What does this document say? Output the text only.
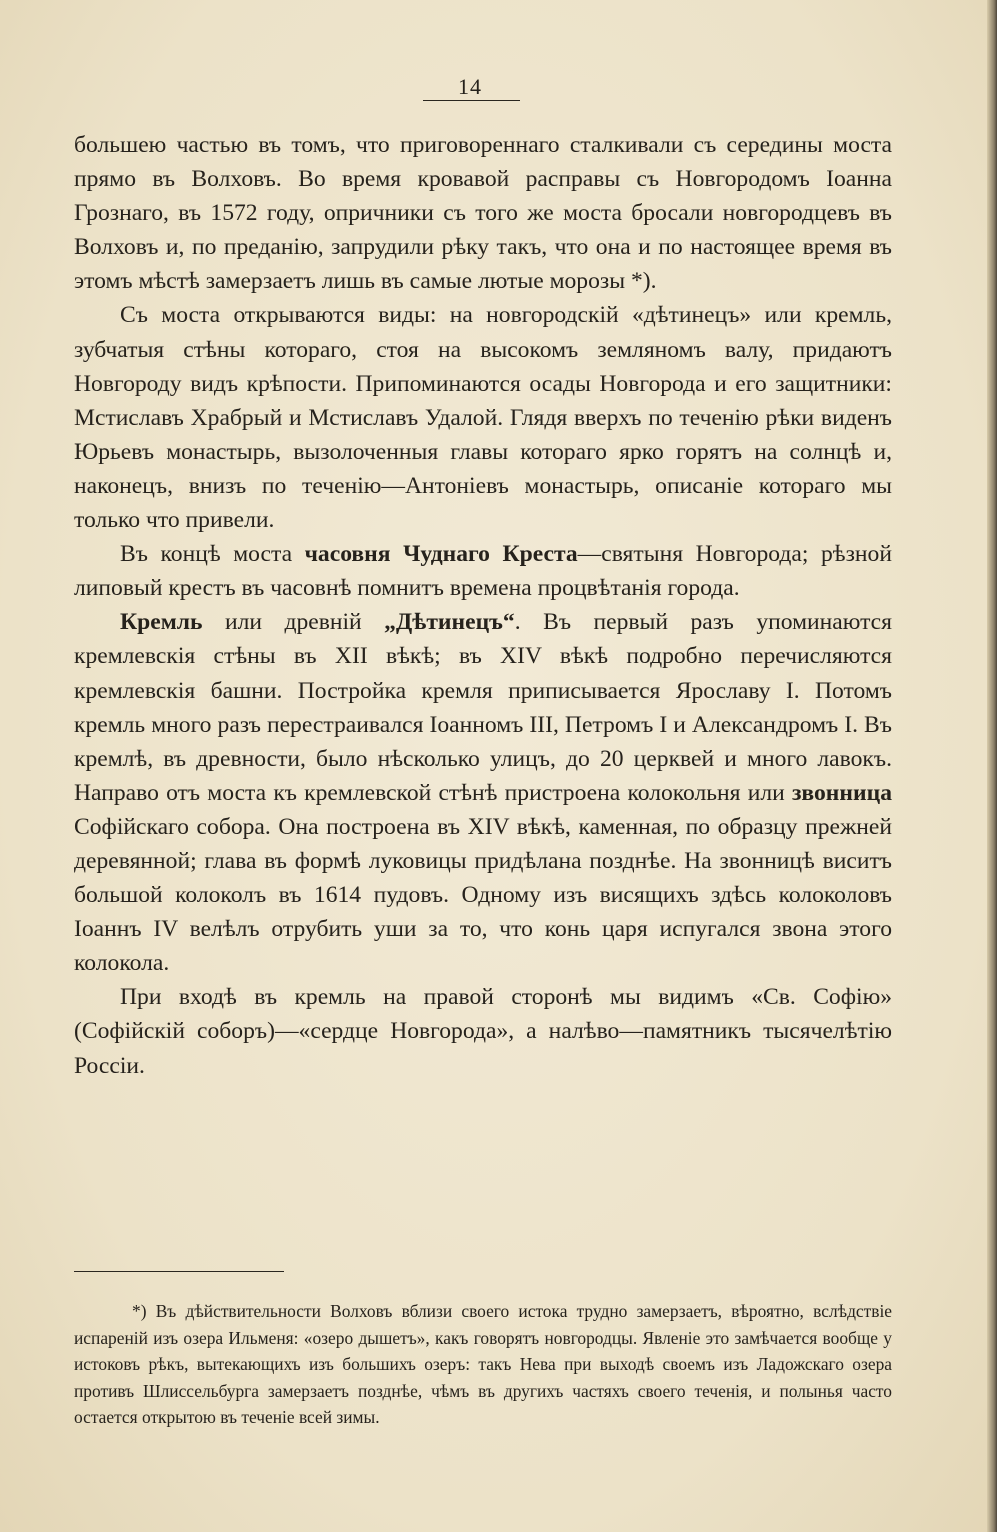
14

большею частью въ томъ, что приговореннаго сталкивали съ середины моста прямо въ Волховъ. Во время кровавой расправы съ Новгородомъ Іоанна Грознаго, въ 1572 году, опричники съ того же моста бросали новгородцевъ въ Волховъ и, по преданію, запрудили рѣку такъ, что она и по настоящее время въ этомъ мѣстѣ замерзаетъ лишь въ самые лютые морозы *).

Съ моста открываются виды: на новгородскій «дѣтинецъ» или кремль, зубчатыя стѣны котораго, стоя на высокомъ земляномъ валу, придаютъ Новгороду видъ крѣпости. Припоминаются осады Новгорода и его защитники: Мстиславъ Храбрый и Мстиславъ Удалой. Глядя вверхъ по теченію рѣки виденъ Юрьевъ монастырь, вызолоченныя главы котораго ярко горятъ на солнцѣ и, наконецъ, внизъ по теченію—Антоніевъ монастырь, описаніе котораго мы только что привели.

Въ концѣ моста часовня Чуднаго Креста—святыня Новгорода; рѣзной липовый крестъ въ часовнѣ помнитъ времена процвѣтанія города.

Кремль или древній „Дѣтинецъ“. Въ первый разъ упоминаются кремлевскія стѣны въ XII вѣкѣ; въ XIV вѣкѣ подробно перечисляются кремлевскія башни. Постройка кремля приписывается Ярославу I. Потомъ кремль много разъ перестраивался Іоанномъ III, Петромъ I и Александромъ I. Въ кремлѣ, въ древности, было нѣсколько улицъ, до 20 церквей и много лавокъ. Направо отъ моста къ кремлевской стѣнѣ пристроена колокольня или звонница Софійскаго собора. Она построена въ XIV вѣкѣ, каменная, по образцу прежней деревянной; глава въ формѣ луковицы придѣлана позднѣе. На звонницѣ виситъ большой колоколъ въ 1614 пудовъ. Одному изъ висящихъ здѣсь колоколовъ Іоаннъ IV велѣлъ отрубить уши за то, что конь царя испугался звона этого колокола.

При входѣ въ кремль на правой сторонѣ мы видимъ «Св. Софію» (Софійскій соборъ)—«сердце Новгорода», а налѣво—памятникъ тысячелѣтію Россіи.

*) Въ дѣйствительности Волховъ вблизи своего истока трудно замерзаетъ, вѣроятно, вслѣдствіе испареній изъ озера Ильменя: «озеро дышетъ», какъ говорятъ новгородцы. Явленіе это замѣчается вообще у истоковъ рѣкъ, вытекающихъ изъ большихъ озеръ: такъ Нева при выходѣ своемъ изъ Ладожскаго озера противъ Шлиссельбурга замерзаетъ позднѣе, чѣмъ въ другихъ частяхъ своего теченія, и полынья часто остается открытою въ теченіе всей зимы.
